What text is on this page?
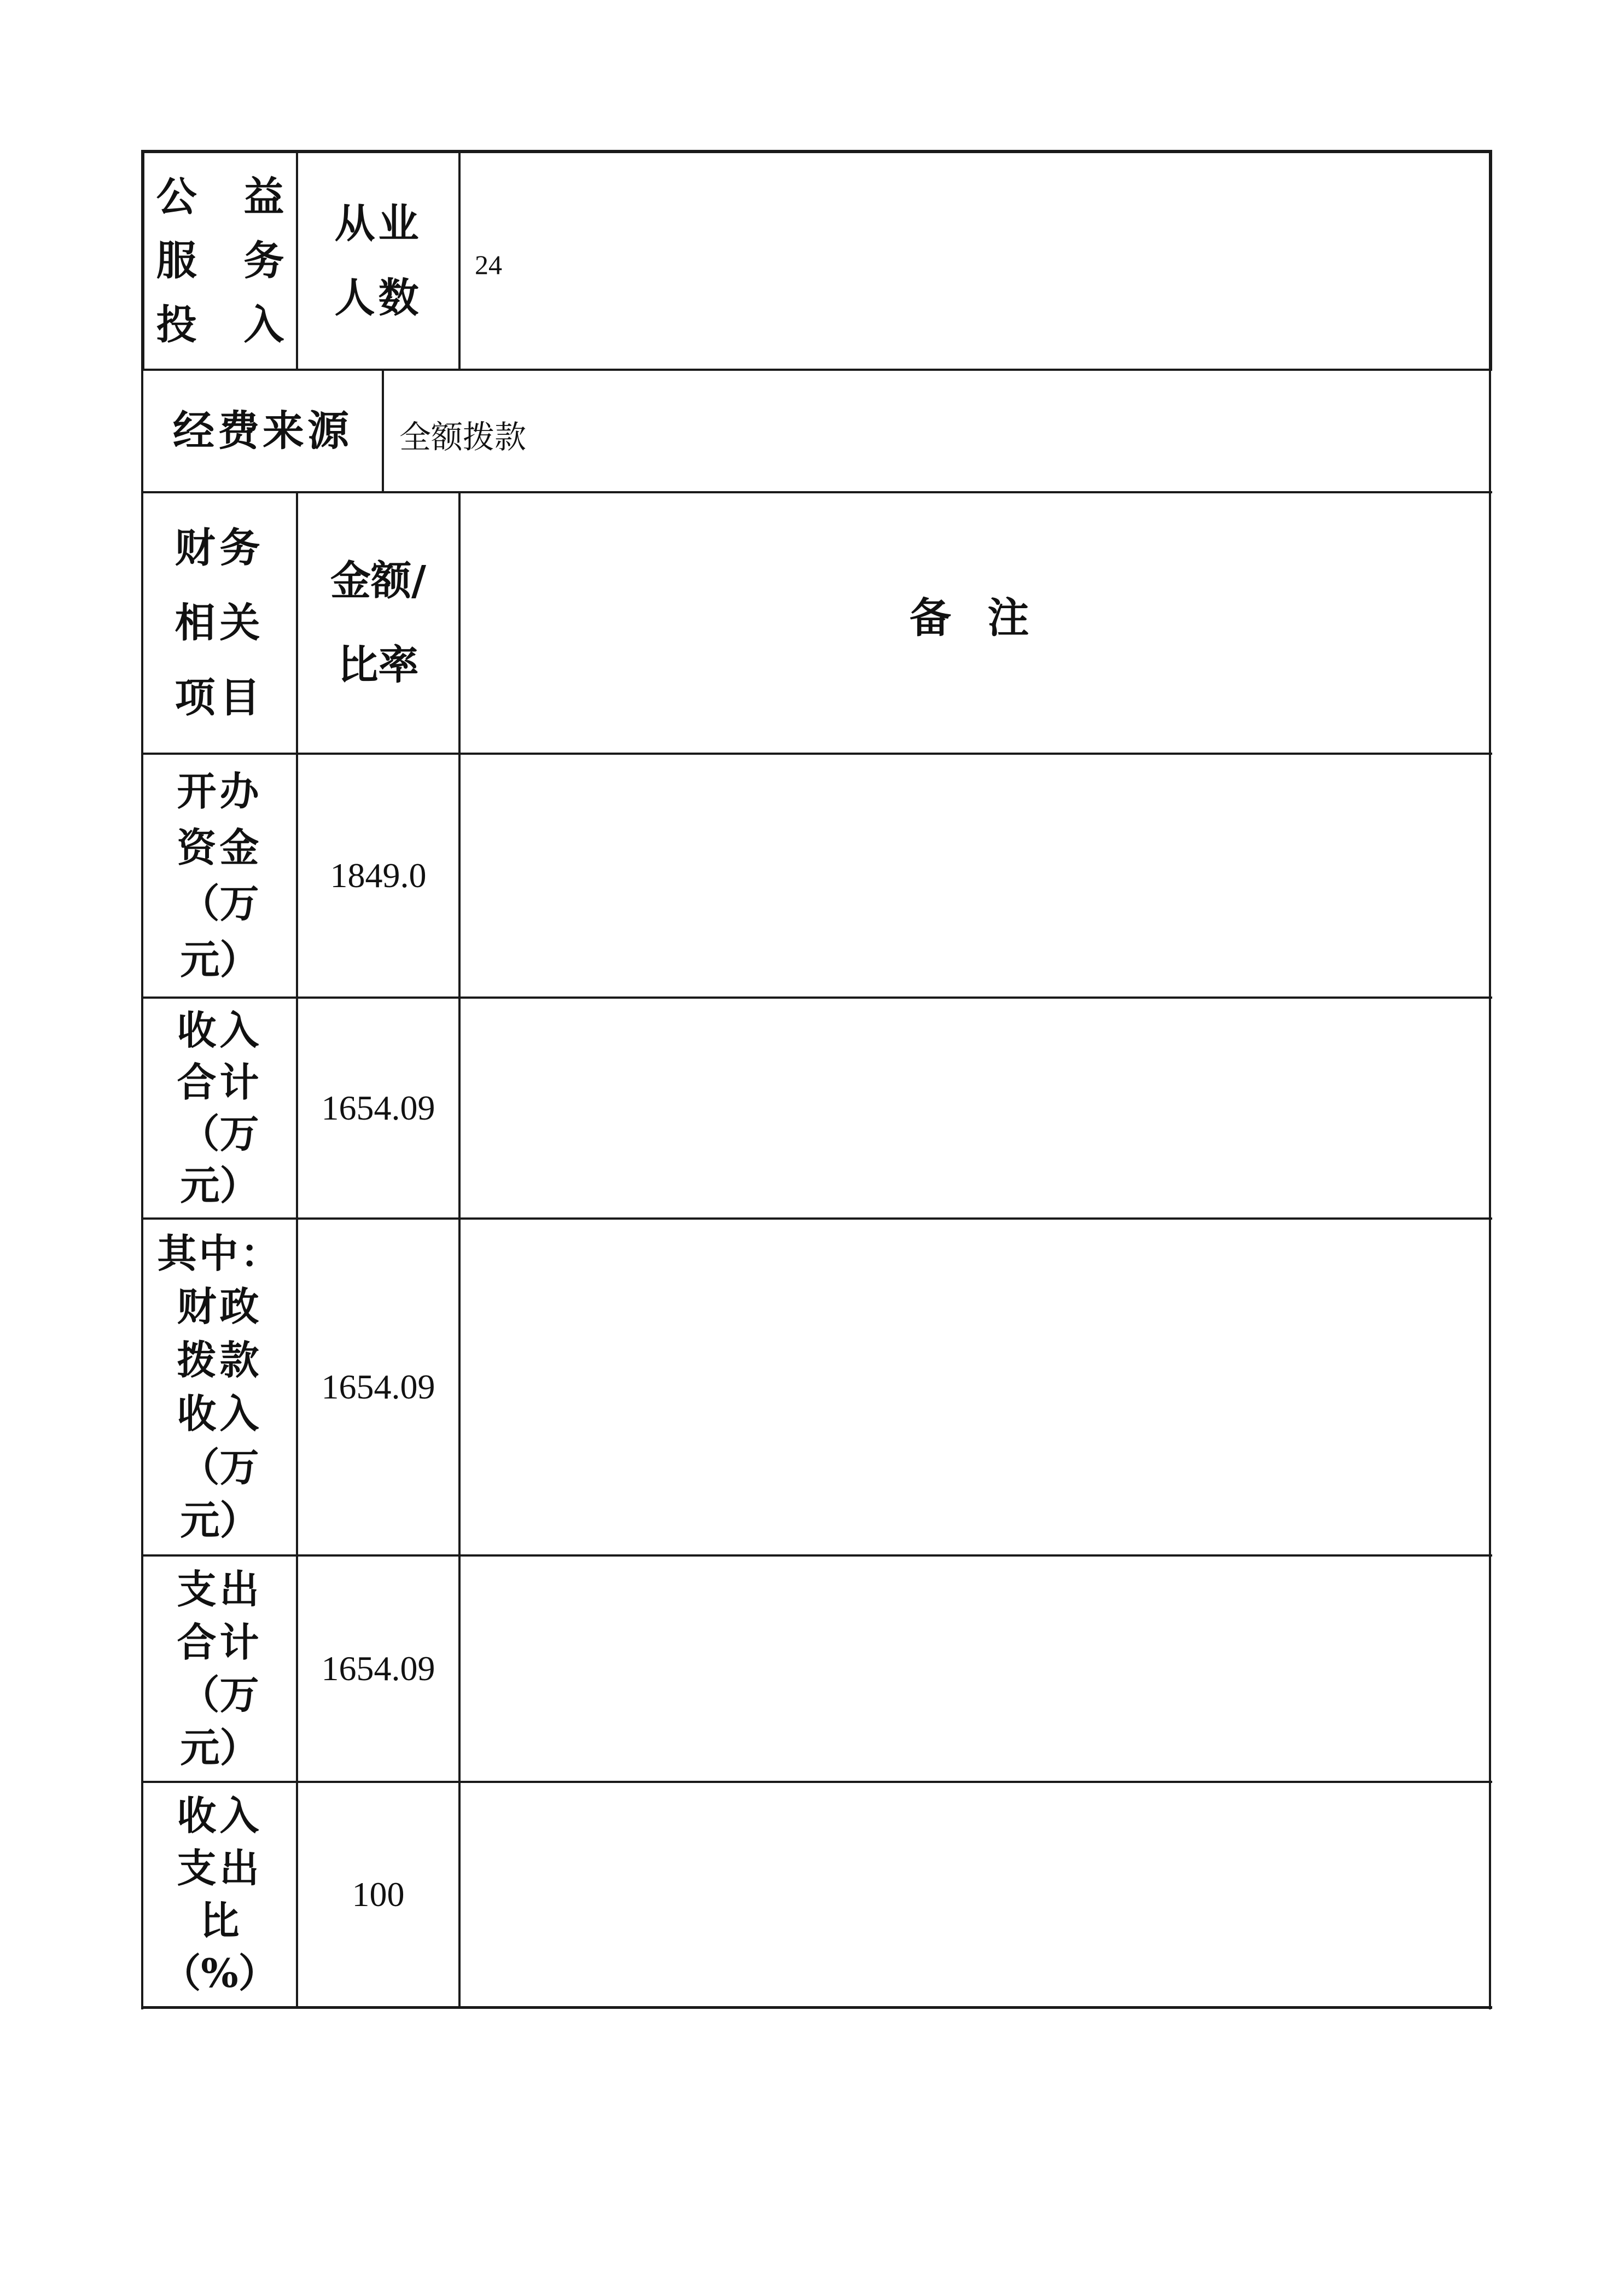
公 益
服 务
投 入
从业
人数
24
经费来源 全额拨款
财务
相关
项目
金额/
比率
备 注
开办
资金
（万
元）
1849.0
收入
合计
（万
元）
1654.09
其中：
财政
拨款
收入
（万
元）
1654.09
支出
合计
（万
元）
1654.09
收入
支出
比
（%）
100
